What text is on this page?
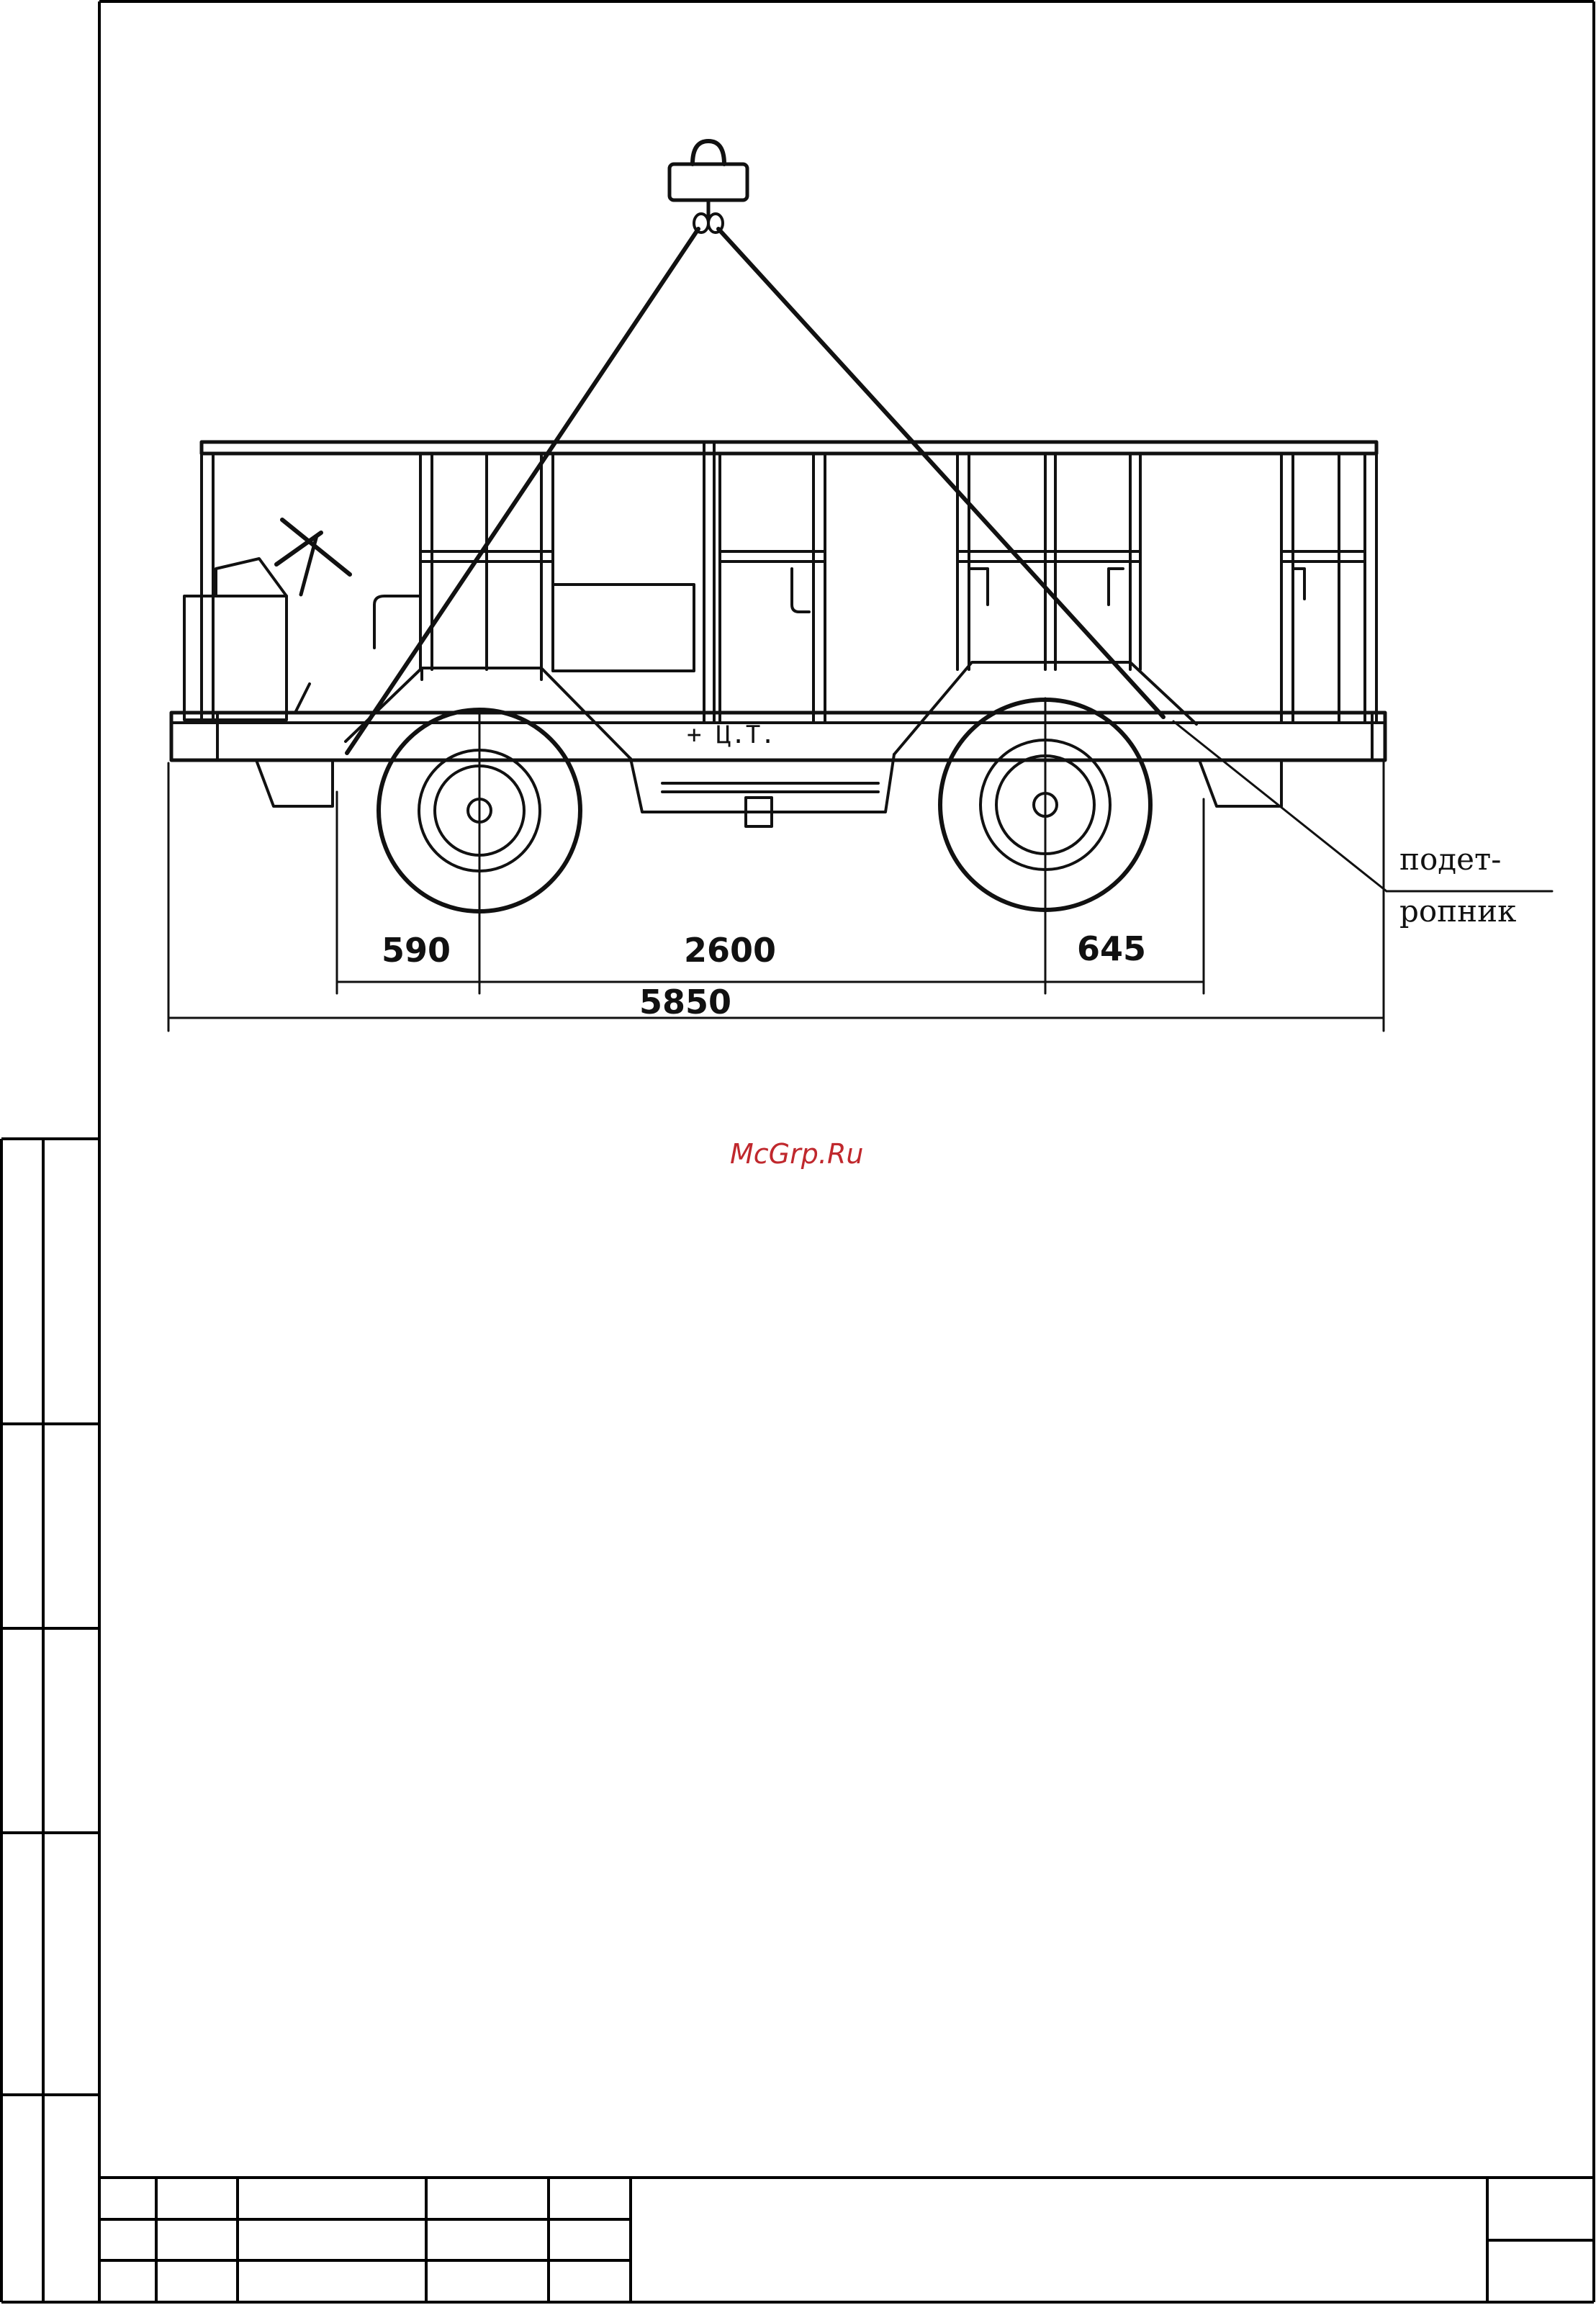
590	2600	645
5850
+ Ц.Т.
подет-
ропник
McGrp.Ru
